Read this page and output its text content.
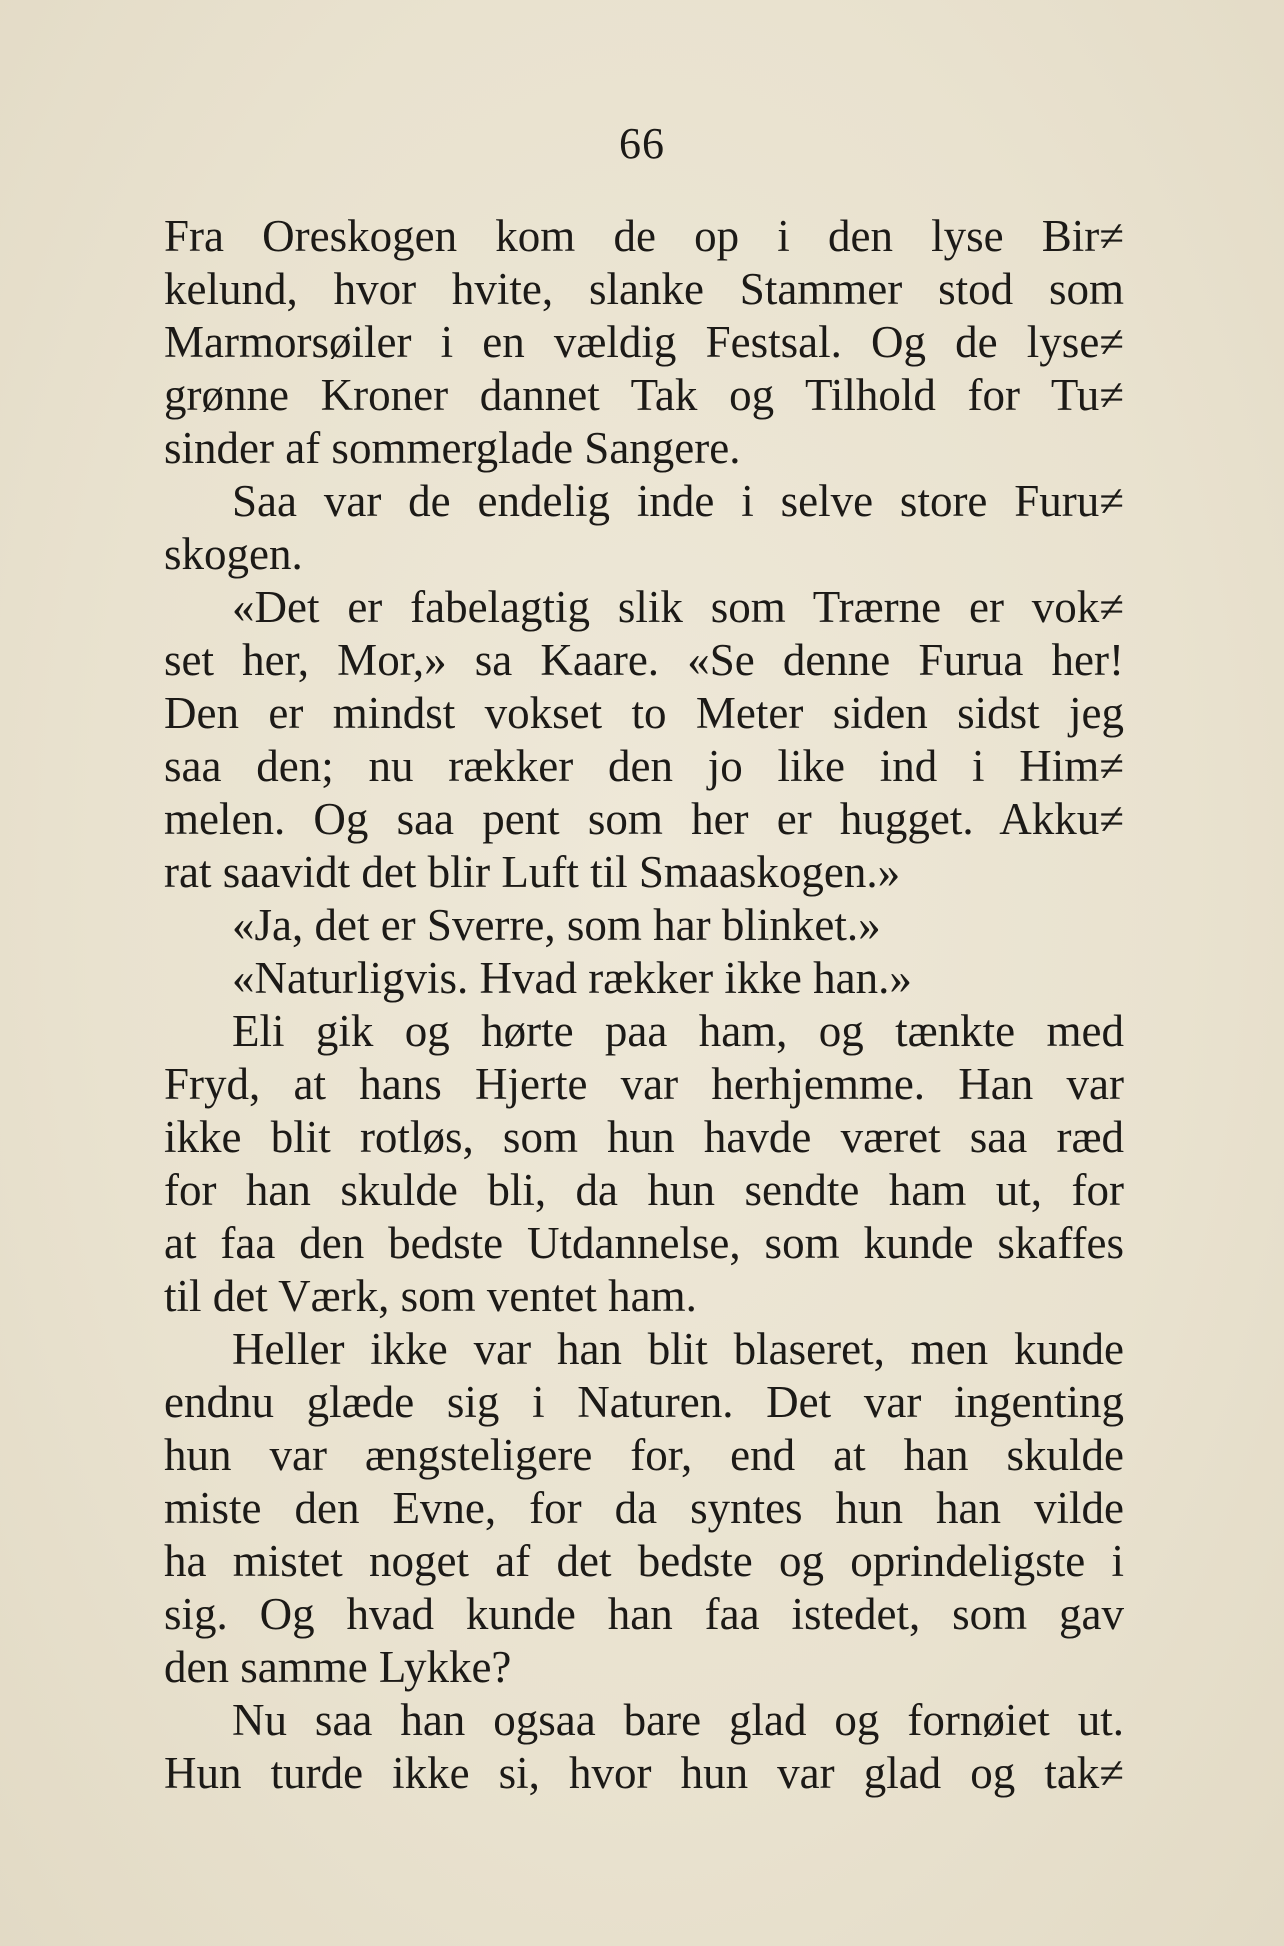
66
Fra Oreskogen kom de op i den lyse Bir≠
kelund, hvor hvite, slanke Stammer stod som
Marmorsøiler i en vældig Festsal. Og de lyse≠
grønne Kroner dannet Tak og Tilhold for Tu≠
sinder af sommerglade Sangere.
Saa var de endelig inde i selve store Furu≠
skogen.
«Det er fabelagtig slik som Trærne er vok≠
set her, Mor,» sa Kaare. «Se denne Furua her!
Den er mindst vokset to Meter siden sidst jeg
saa den; nu rækker den jo like ind i Him≠
melen. Og saa pent som her er hugget. Akku≠
rat saavidt det blir Luft til Smaaskogen.»
«Ja, det er Sverre, som har blinket.»
«Naturligvis. Hvad rækker ikke han.»
Eli gik og hørte paa ham, og tænkte med
Fryd, at hans Hjerte var herhjemme. Han var
ikke blit rotløs, som hun havde været saa ræd
for han skulde bli, da hun sendte ham ut, for
at faa den bedste Utdannelse, som kunde skaffes
til det Værk, som ventet ham.
Heller ikke var han blit blaseret, men kunde
endnu glæde sig i Naturen. Det var ingenting
hun var ængsteligere for, end at han skulde
miste den Evne, for da syntes hun han vilde
ha mistet noget af det bedste og oprindeligste i
sig. Og hvad kunde han faa istedet, som gav
den samme Lykke?
Nu saa han ogsaa bare glad og fornøiet ut.
Hun turde ikke si, hvor hun var glad og tak≠
